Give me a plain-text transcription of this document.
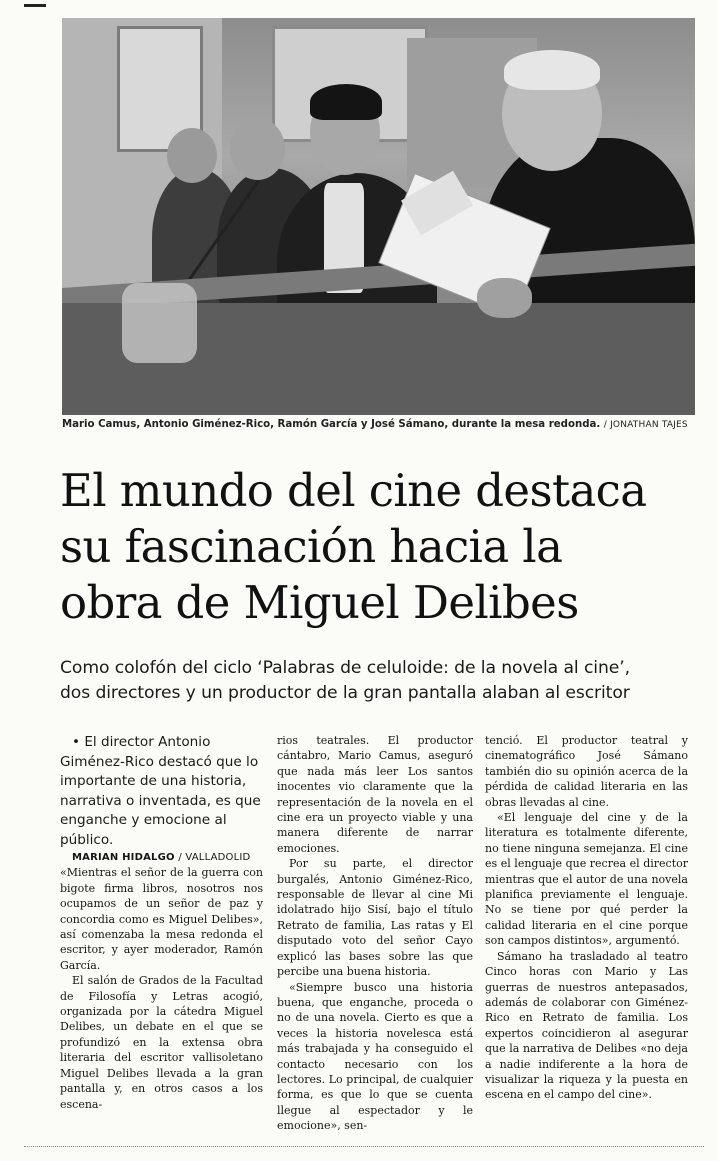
Mario Camus, Antonio Giménez-Rico, Ramón García y José Sámano, durante la mesa redonda. / JONATHAN TAJES
El mundo del cine destaca
su fascinación hacia la
obra de Miguel Delibes
Como colofón del ciclo ‘Palabras de celuloide: de la novela al cine’,
dos directores y un productor de la gran pantalla alaban al escritor

• El director Antonio Giménez-Rico destacó que lo importante de una historia, narrativa o inventada, es que enganche y emocione al público.

MARIAN HIDALGO / VALLADOLID

«Mientras el señor de la guerra con bigote firma libros, nosotros nos ocupamos de un señor de paz y concordia como es Miguel Delibes», así comenzaba la mesa redonda el escritor, y ayer moderador, Ramón García.

El salón de Grados de la Facultad de Filosofía y Letras acogió, organizada por la cátedra Miguel Delibes, un debate en el que se profundizó en la extensa obra literaria del escritor vallisoletano Miguel Delibes llevada a la gran pantalla y, en otros casos a los escena-

rios teatrales. El productor cántabro, Mario Camus, aseguró que nada más leer Los santos inocentes vio claramente que la representación de la novela en el cine era un proyecto viable y una manera diferente de narrar emociones.

Por su parte, el director burgalés, Antonio Giménez-Rico, responsable de llevar al cine Mi idolatrado hijo Sisí, bajo el título Retrato de familia, Las ratas y El disputado voto del señor Cayo explicó las bases sobre las que percibe una buena historia.

«Siempre busco una historia buena, que enganche, proceda o no de una novela. Cierto es que a veces la historia novelesca está más trabajada y ha conseguido el contacto necesario con los lectores. Lo principal, de cualquier forma, es que lo que se cuenta llegue al espectador y le emocione», sen-

tenció. El productor teatral y cinematográfico José Sámano también dio su opinión acerca de la pérdida de calidad literaria en las obras llevadas al cine.

«El lenguaje del cine y de la literatura es totalmente diferente, no tiene ninguna semejanza. El cine es el lenguaje que recrea el director mientras que el autor de una novela planifica previamente el lenguaje. No se tiene por qué perder la calidad literaria en el cine porque son campos distintos», argumentó.

Sámano ha trasladado al teatro Cinco horas con Mario y Las guerras de nuestros antepasados, además de colaborar con Giménez-Rico en Retrato de familia. Los expertos coincidieron al asegurar que la narrativa de Delibes «no deja a nadie indiferente a la hora de visualizar la riqueza y la puesta en escena en el campo del cine».
